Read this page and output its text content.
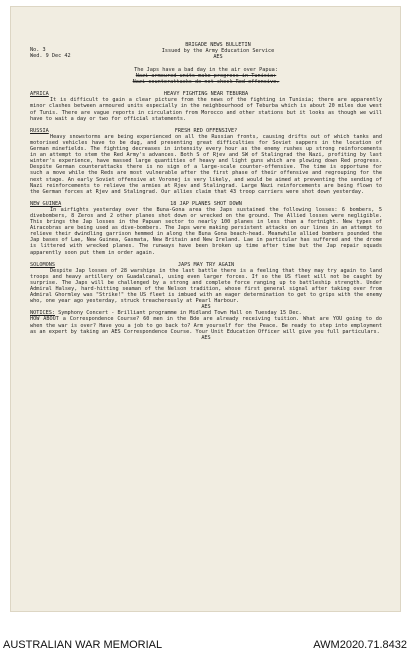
No. 3
Wed. 9 Dec 42
BRIGADE NEWS BULLETIN
Issued by the Army Education Service
AES

The Japs have a bad day in the air over Papua:

Nazi armoured units make progress in Tunisia:

Nazi counterattacks do not check Red offensive.

AFRICA	HEAVY FIGHTING NEAR TEBURBA

It is difficult to gain a clear picture from the news of the fighting in Tunisia; there are apparently minor clashes between armoured units especially in the neighbourhood of Teburba which is about 20 miles due west of Tunis. There are vague reports in circulation from Morocco and other stations but it looks as though we will have to wait a day or two for official statements.

RUSSIA	FRESH RED OFFENSIVE?

Heavy snowstorms are being experienced on all the Russian fronts, causing drifts out of which tanks and motorised vehicles have to be dug, and presenting great difficulties for Soviet sappers in the location of German minefields. The fighting decreases in intensity every hour as the enemy rushes up strong reinforcements in an attempt to stem the Red Army's advances. Both S of Rjev and SW of Stalingrad the Nazi, profiting by last winter's experience, have massed large quantities of heavy and light guns which are plowing down Red progress. Despite German counterattacks there is no sign of a large-scale counter-offensive. The time is opportune for such a move while the Reds are most vulnerable after the first phase of their offensive and regrouping for the next stage. An early Soviet offensive at Voronej is very likely, and would be aimed at preventing the sending of Nazi reinforcements to relieve the armies at Rjev and Stalingrad. Large Nazi reinforcements are being flown to the German forces at Rjev and Stalingrad. Our allies claim that 43 troop carriers were shot down yesterday.

NEW GUINEA	18 JAP PLANES SHOT DOWN

In airfights yesterday over the Buna-Gona area the Japs sustained the following losses: 6 bombers, 5 divebombers, 8 Zeros and 2 other planes shot down or wrecked on the ground. The Allied losses were negligible. This brings the Jap losses in the Papuan sector to nearly 100 planes in less than a fortnight. New types of Airacobras are being used as dive-bombers. The Japs were making persistent attacks on our lines in an attempt to relieve their dwindling garrison hemmed in along the Buna Gona beach-head. Meanwhile allied bombers pounded the Jap bases of Lae, New Guinea, Gasmata, New Britain and New Ireland. Lae in particular has suffered and the drome is littered with wrecked planes. The runways have been broken up time after time but the Jap repair squads apparently soon put them in order again.

SOLOMONS	JAPS MAY TRY AGAIN

Despite Jap losses of 28 warships in the last battle there is a feeling that they may try again to land troops and heavy artillery on Guadalcanal, using even larger forces. If so the US fleet will not be caught by surprise. The Japs will be challenged by a strong and complete force ranging up to battleship strength. Under Admiral Halsey, hard-hitting seaman of the Nelson tradition, whose first general signal after taking over from Admiral Ghormley was "Strike!" the US fleet is imbued with an eager determination to get to grips with the enemy who, one year ago yesterday, struck treacherously at Pearl Harbour.

AES

NOTICES: Symphony Concert - Brilliant programme in Midland Town Hall on Tuesday 15 Dec.

HOW ABOUT a Correspondence Course? 60 men in the Bde are already receiving tuition. What are YOU going to do when the war is over? Have you a job to go back to? Arm yourself for the Peace. Be ready to step into employment as an expert by taking an AES Correspondence Course. Your Unit Education Officer will give you full particulars.

AES

AUSTRALIAN WAR MEMORIAL	AWM2020.71.8432
